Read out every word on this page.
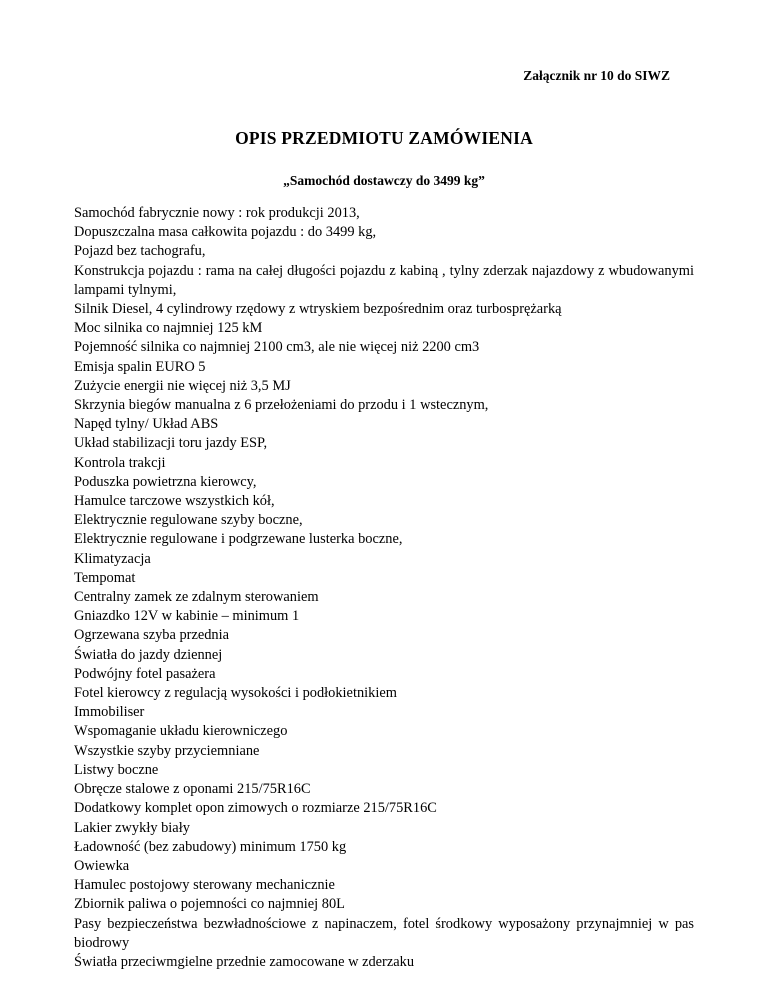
Załącznik nr 10 do SIWZ
OPIS PRZEDMIOTU ZAMÓWIENIA
„Samochód dostawczy do 3499 kg”
Samochód fabrycznie nowy : rok produkcji 2013,
Dopuszczalna masa całkowita pojazdu : do 3499 kg,
Pojazd bez tachografu,
Konstrukcja pojazdu : rama na całej długości pojazdu z kabiną , tylny zderzak najazdowy z wbudowanymi lampami tylnymi,
Silnik Diesel, 4 cylindrowy rzędowy z wtryskiem bezpośrednim oraz turbosprężarką
Moc silnika co najmniej 125 kM
Pojemność silnika co najmniej 2100 cm3, ale nie więcej niż 2200 cm3
Emisja spalin EURO 5
Zużycie energii nie więcej niż 3,5 MJ
Skrzynia biegów manualna z 6 przełożeniami do przodu i 1 wstecznym,
Napęd tylny/ Układ ABS
Układ stabilizacji toru jazdy ESP,
Kontrola trakcji
Poduszka powietrzna kierowcy,
Hamulce tarczowe wszystkich kół,
Elektrycznie regulowane szyby boczne,
Elektrycznie regulowane i podgrzewane lusterka boczne,
Klimatyzacja
Tempomat
Centralny zamek ze zdalnym sterowaniem
Gniazdko 12V w kabinie – minimum 1
Ogrzewana szyba przednia
Światła do jazdy dziennej
Podwójny fotel pasażera
Fotel kierowcy z regulacją wysokości i podłokietnikiem
Immobiliser
Wspomaganie układu kierowniczego
Wszystkie szyby przyciemniane
Listwy boczne
Obręcze stalowe z oponami 215/75R16C
Dodatkowy komplet opon zimowych o rozmiarze 215/75R16C
Lakier zwykły biały
Ładowność (bez zabudowy) minimum 1750 kg
Owiewka
Hamulec postojowy sterowany mechanicznie
Zbiornik paliwa o pojemności co najmniej 80L
Pasy bezpieczeństwa bezwładnościowe z napinaczem, fotel środkowy wyposażony przynajmniej w pas biodrowy
Światła przeciwmgielne przednie zamocowane w zderzaku
